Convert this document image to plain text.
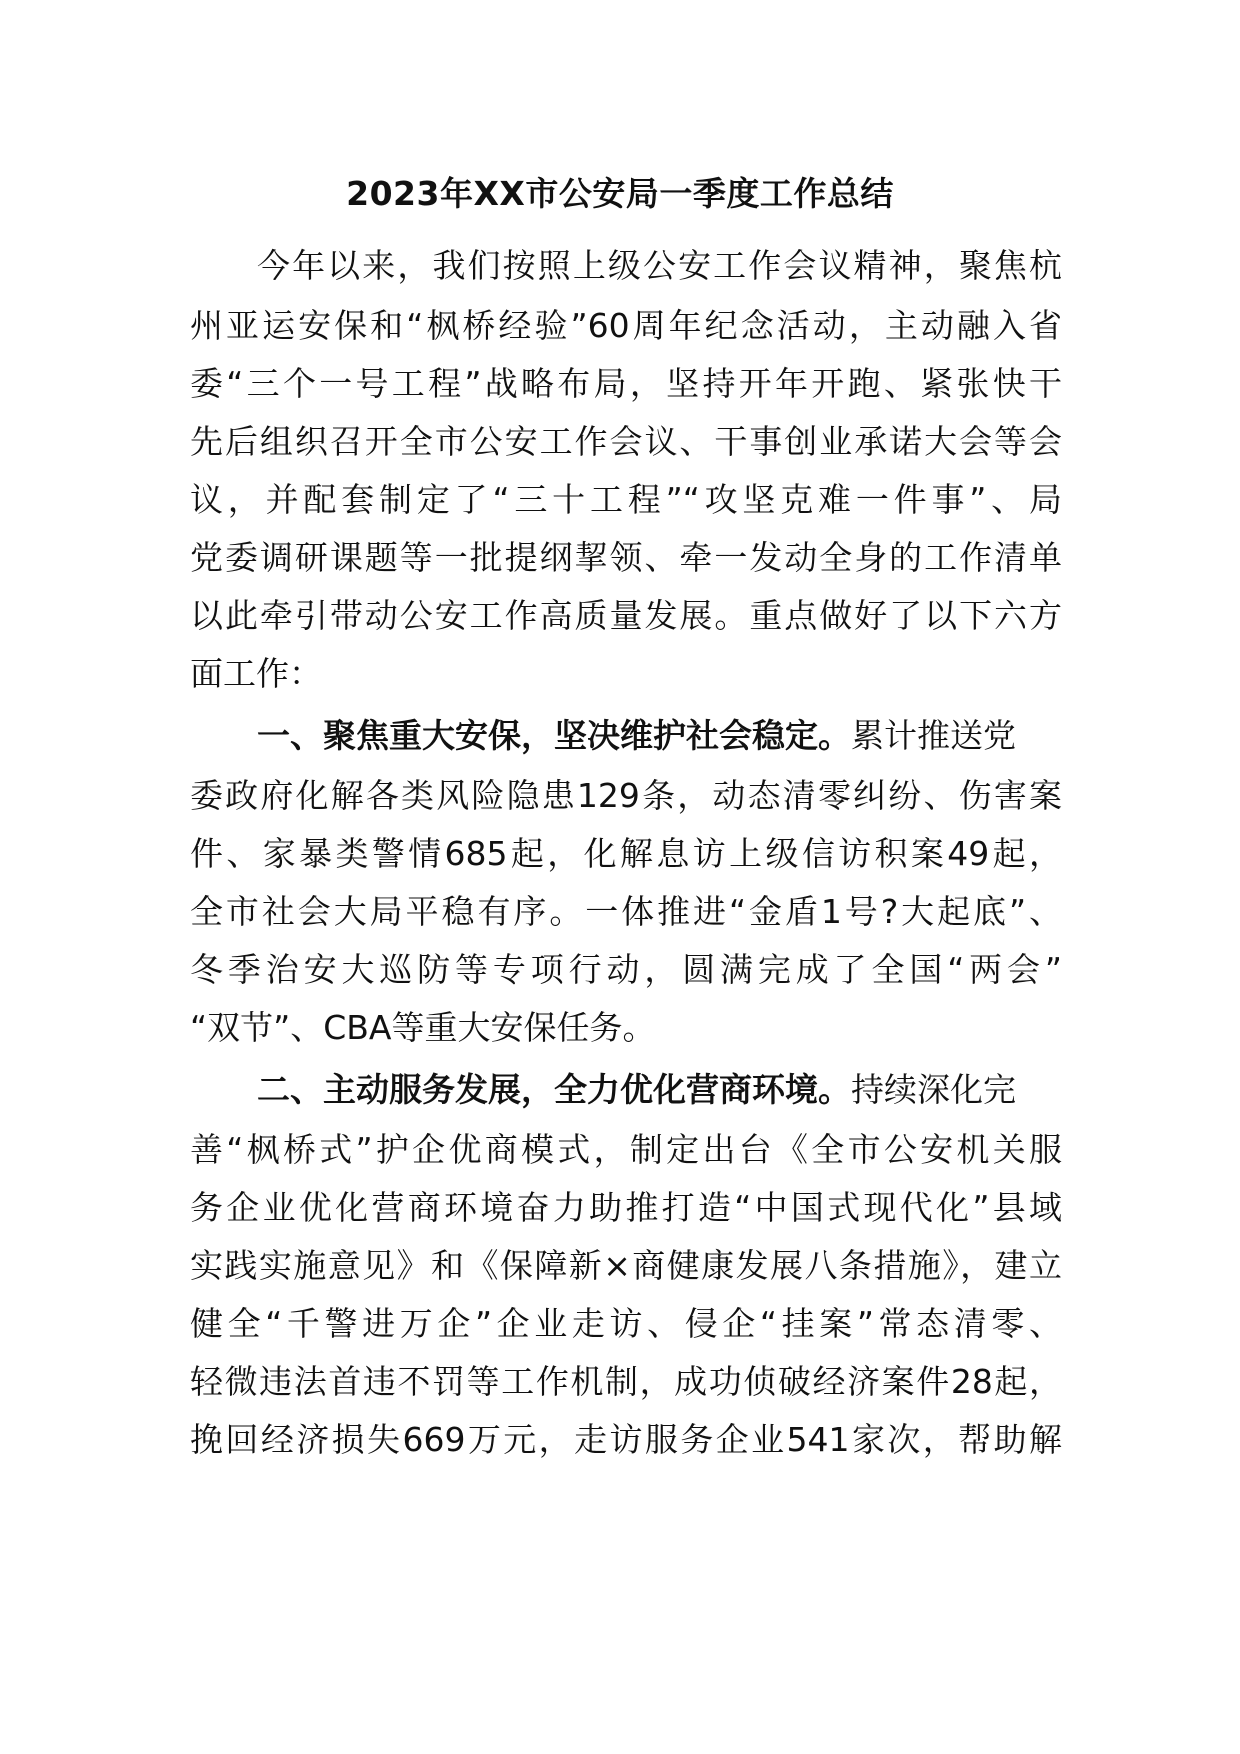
2023年XX市公安局一季度工作总结
今年以来，我们按照上级公安工作会议精神，聚焦杭
州亚运安保和“枫桥经验”60周年纪念活动，主动融入省
委“三个一号工程”战略布局，坚持开年开跑、紧张快干
先后组织召开全市公安工作会议、干事创业承诺大会等会
议，并配套制定了“三十工程”“攻坚克难一件事”、局
党委调研课题等一批提纲挈领、牵一发动全身的工作清单
以此牵引带动公安工作高质量发展。重点做好了以下六方
面工作：
一、聚焦重大安保，坚决维护社会稳定。累计推送党
委政府化解各类风险隐患129条，动态清零纠纷、伤害案
件、家暴类警情685起，化解息访上级信访积案49起，
全市社会大局平稳有序。一体推进“金盾1号?大起底”、
冬季治安大巡防等专项行动，圆满完成了全国“两会”
“双节”、CBA等重大安保任务。
二、主动服务发展，全力优化营商环境。持续深化完
善“枫桥式”护企优商模式，制定出台《全市公安机关服
务企业优化营商环境奋力助推打造“中国式现代化”县域
实践实施意见》和《保障新×商健康发展八条措施》，建立
健全“千警进万企”企业走访、侵企“挂案”常态清零、
轻微违法首违不罚等工作机制，成功侦破经济案件28起，
挽回经济损失669万元，走访服务企业541家次，帮助解
